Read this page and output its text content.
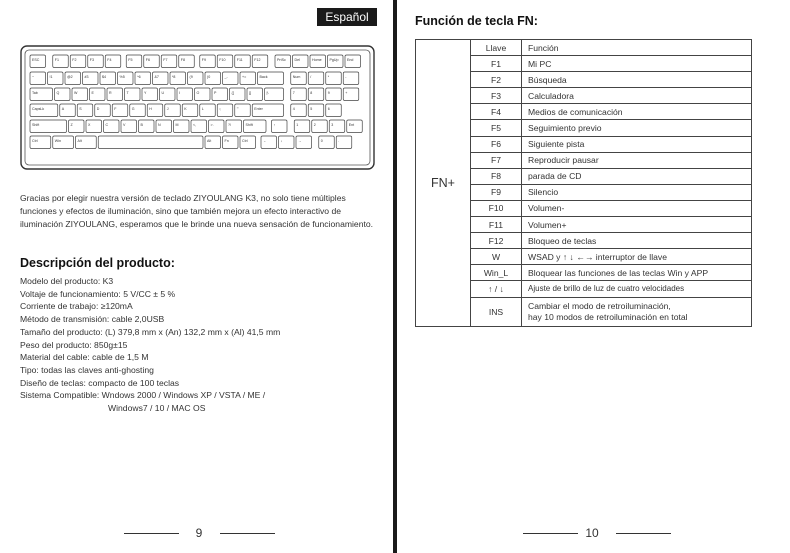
Español
ESC	F1	F2	F3	F4	F5	F6	F7	F8	F9	F10	F11	F12	PrtSc Del	Home PgUp End
~	!1	@2	#3	$4	%5	^6	&7	*8	(9	)0	_-	+=	Back	Num	/	*	-
Tab	Q	W	E	R	T	Y	U	I	O	P	{[	}]	|\	7	8	9	+
CapsLk	A	S	D	F	G	H	J	K	L	:;	"'	Enter	4	5	6
Shift	Z	X	C	V	B	N	M	<,	>.	?/	Shift	↑	1	2	3	Ent
Ctrl	Win	Alt	Alt	Fn	Ctrl	←	↓	→	0	.
Gracias por elegir nuestra versión de teclado ZIYOULANG K3, no solo tiene múltiples funciones y efectos de iluminación, sino que también mejora un efecto interactivo de iluminación ZIYOULANG, esperamos que le brinde una nueva sensación de funcionamiento.
Descripción del producto:
Modelo del producto: K3
Voltaje de funcionamiento: 5 V/CC ± 5 %
Corriente de trabajo: ≥120mA
Método de transmisión: cable 2,0USB
Tamaño del producto: (L) 379,8 mm x (An) 132,2 mm x (Al) 41,5 mm
Peso del producto: 850g±15
Material del cable: cable de 1,5 M
Tipo: todas las claves anti-ghosting
Diseño de teclas: compacto de 100 teclas
Sistema Compatible: Wndows 2000 / Windows XP / VSTA / ME /
Windows7 / 10 / MAC OS
9
Función de tecla FN:
FN+	Llave	Función
	F1	Mi PC
	F2	Búsqueda
	F3	Calculadora
	F4	Medios de comunicación
	F5	Seguimiento previo
	F6	Siguiente pista
	F7	Reproducir pausar
	F8	parada de CD
	F9	Silencio
	F10	Volumen-
	F11	Volumen+
	F12	Bloqueo de teclas
	W	WSAD y ↑ ↓ ←→ interruptor de llave
	Win_L	Bloquear las funciones de las teclas Win y APP
	↑ / ↓	Ajuste de brillo de luz de cuatro velocidades
	INS	Cambiar el modo de retroiluminación,
hay 10 modos de retroiluminación en total
10
